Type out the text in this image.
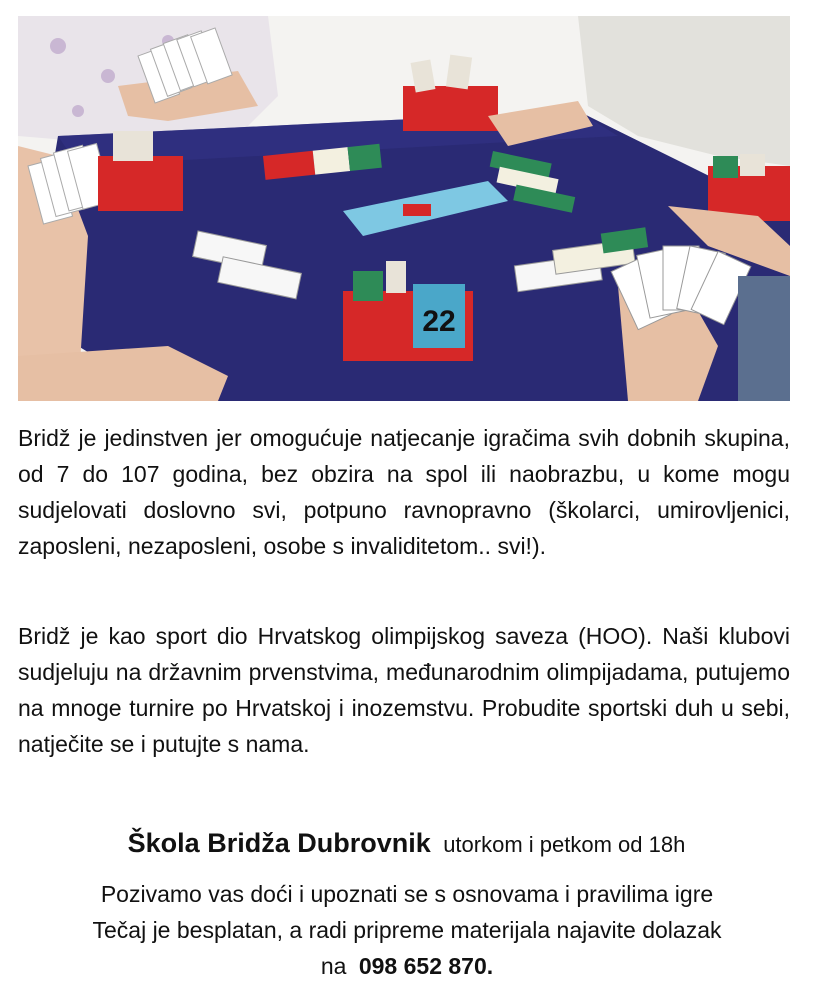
22

Bridž je jedinstven jer omogućuje natjecanje igračima svih dobnih skupina, od 7 do 107 godina, bez obzira na spol ili naobrazbu, u kome mogu sudjelovati doslovno svi, potpuno ravnopravno (školarci, umirovljenici, zaposleni, nezaposleni, osobe s invaliditetom.. svi!).

Bridž je kao sport dio Hrvatskog olimpijskog saveza (HOO). Naši klubovi sudjeluju na državnim prvenstvima, međunarodnim olimpijadama, putujemo na mnoge turnire po Hrvatskoj i inozemstvu. Probudite sportski duh u sebi, natječite se i putujte s nama.

Škola Bridža Dubrovnik utorkom i petkom od 18h

Pozivamo vas doći i upoznati se s osnovama i pravilima igre

Tečaj je besplatan, a radi pripreme materijala najavite dolazak

na 098 652 870.
